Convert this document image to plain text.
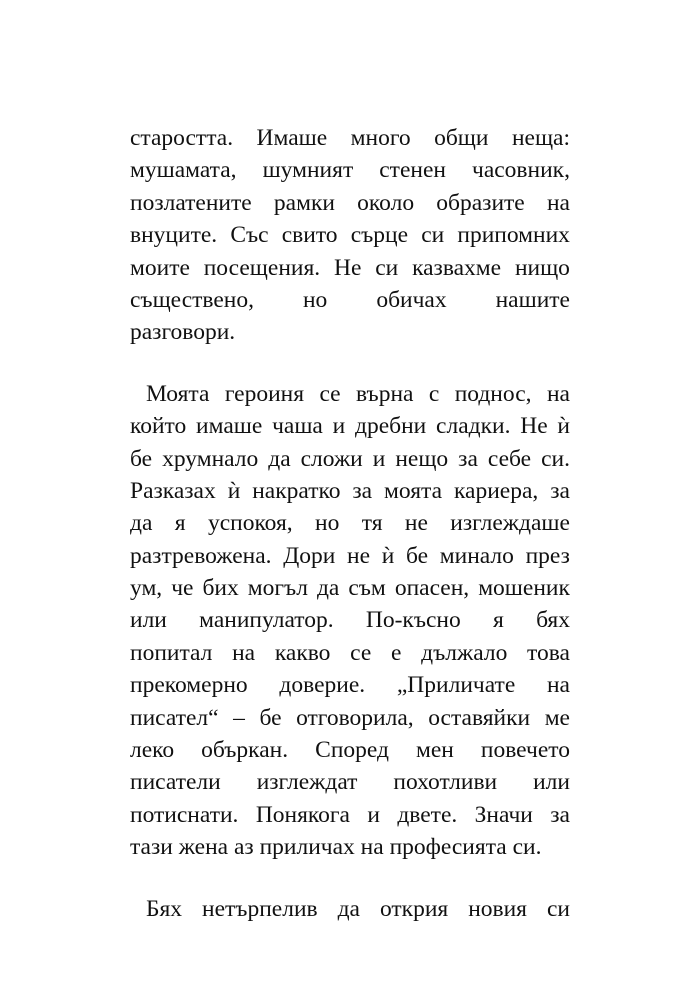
старостта. Имаше много общи неща:
мушамата, шумният стенен часовник,
позлатените рамки около образите на
внуците. Със свито сърце си припомних
моите посещения. Не си казвахме нищо
съществено, но обичах нашите
разговори.
Моята героиня се върна с поднос, на
който имаше чаша и дребни сладки. Не ѝ
бе хрумнало да сложи и нещо за себе си.
Разказах ѝ накратко за моята кариера, за
да я успокоя, но тя не изглеждаше
разтревожена. Дори не ѝ бе минало през
ум, че бих могъл да съм опасен, мошеник
или манипулатор. По-късно я бях
попитал на какво се е дължало това
прекомерно доверие. „Приличате на
писател“ – бе отговорила, оставяйки ме
леко объркан. Според мен повечето
писатели изглеждат похотливи или
потиснати. Понякога и двете. Значи за
тази жена аз приличах на професията си.
Бях нетърпелив да открия новия си
